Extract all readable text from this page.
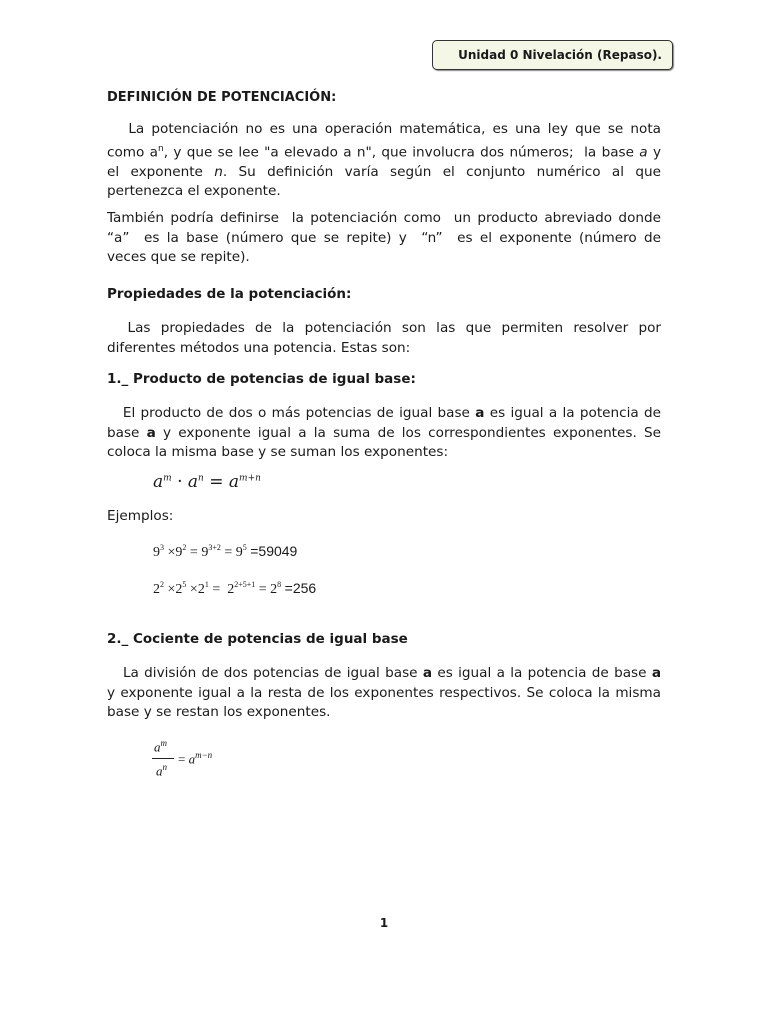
Unidad 0 Nivelación (Repaso).
DEFINICIÓN DE POTENCIACIÓN:
La potenciación no es una operación matemática, es una ley que se nota
como $a^n$, y que se lee "a elevado a n", que involucra dos números;  la base a y
el exponente n. Su definición varía según el conjunto numérico al que
pertenezca el exponente.
También podría definirse  la potenciación como  un producto abreviado donde
“a”  es la base (número que se repite) y  “n”  es el exponente (número de
veces que se repite).
Propiedades de la potenciación:
Las propiedades de la potenciación son las que permiten resolver por
diferentes métodos una potencia. Estas son:
1._ Producto de potencias de igual base:
El producto de dos o más potencias de igual base a es igual a la potencia de
base a y exponente igual a la suma de los correspondientes exponentes. Se
coloca la misma base y se suman los exponentes:
$a^m \cdot a^n = a^{m+n}$
Ejemplos:
$9^3 \times 9^2 = 9^{3+2} = 9^5 =59049$
$2^2 \times 2^5 \times 2^1 = 2^{2+5+1} = 2^8 =256$
2._ Cociente de potencias de igual base
La división de dos potencias de igual base a es igual a la potencia de base a
y exponente igual a la resta de los exponentes respectivos. Se coloca la misma
base y se restan los exponentes.
$a^m$
$a^n$
= $a^{m-n}$
1
